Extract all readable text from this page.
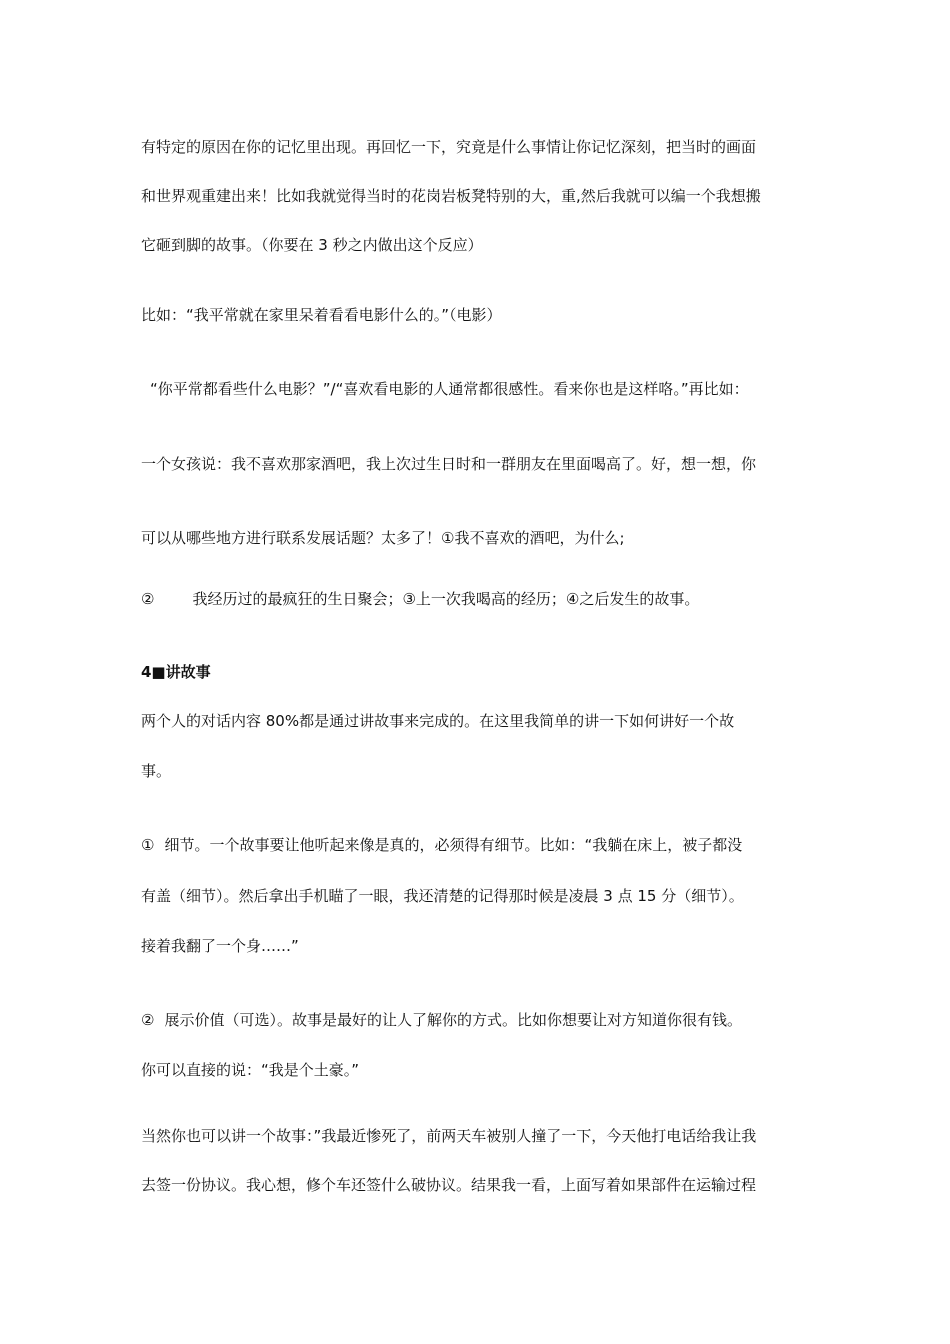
有特定的原因在你的记忆里出现。再回忆一下，究竟是什么事情让你记忆深刻，把当时的画面
和世界观重建出来！比如我就觉得当时的花岗岩板凳特别的大，重,然后我就可以编一个我想搬
它砸到脚的故事。（你要在 3 秒之内做出这个反应）
比如：“我平常就在家里呆着看看电影什么的。”（电影）
“你平常都看些什么电影？”/“喜欢看电影的人通常都很感性。看来你也是这样咯。”再比如：
一个女孩说：我不喜欢那家酒吧，我上次过生日时和一群朋友在里面喝高了。好，想一想，你
可以从哪些地方进行联系发展话题？太多了！①我不喜欢的酒吧，为什么;
②	我经历过的最疯狂的生日聚会；③上一次我喝高的经历；④之后发生的故事。
4■讲故事
两个人的对话内容 80%都是通过讲故事来完成的。在这里我简单的讲一下如何讲好一个故
事。
① 细节。一个故事要让他听起来像是真的，必须得有细节。比如：“我躺在床上，被子都没
有盖（细节）。然后拿出手机瞄了一眼，我还清楚的记得那时候是凌晨 3 点 15 分（细节）。
接着我翻了一个身……”
② 展示价值（可选）。故事是最好的让人了解你的方式。比如你想要让对方知道你很有钱。
你可以直接的说：“我是个土豪。”
当然你也可以讲一个故事：”我最近惨死了，前两天车被别人撞了一下，今天他打电话给我让我
去签一份协议。我心想，修个车还签什么破协议。结果我一看，上面写着如果部件在运输过程
